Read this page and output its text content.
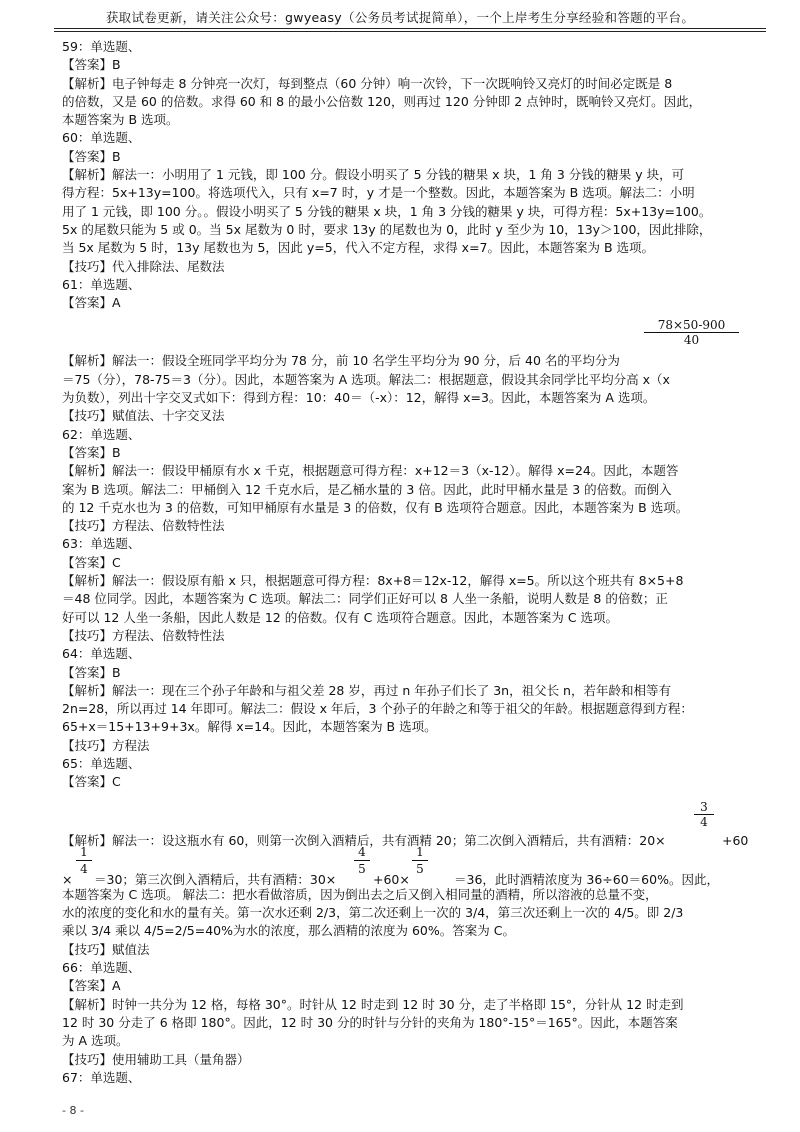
获取试卷更新，请关注公众号：gwyeasy（公务员考试捉简单），一个上岸考生分享经验和答题的平台。
59：单选题、
【答案】B
【解析】电子钟每走 8 分钟亮一次灯，每到整点（60 分钟）响一次铃，下一次既响铃又亮灯的时间必定既是 8
的倍数，又是 60 的倍数。求得 60 和 8 的最小公倍数 120，则再过 120 分钟即 2 点钟时，既响铃又亮灯。因此，
本题答案为 B 选项。
60：单选题、
【答案】B
【解析】解法一：小明用了 1 元钱，即 100 分。假设小明买了 5 分钱的糖果 x 块，1 角 3 分钱的糖果 y 块，可
得方程：5x+13y=100。将选项代入，只有 x=7 时，y 才是一个整数。因此，本题答案为 B 选项。解法二：小明
用了 1 元钱，即 100 分。。假设小明买了 5 分钱的糖果 x 块，1 角 3 分钱的糖果 y 块，可得方程：5x+13y=100。
5x 的尾数只能为 5 或 0。当 5x 尾数为 0 时，要求 13y 的尾数也为 0，此时 y 至少为 10，13y＞100，因此排除，
当 5x 尾数为 5 时，13y 尾数也为 5，因此 y=5，代入不定方程，求得 x=7。因此，本题答案为 B 选项。
【技巧】代入排除法、尾数法
61：单选题、
【答案】A
78×50-900
40
【解析】解法一：假设全班同学平均分为 78 分，前 10 名学生平均分为 90 分，后 40 名的平均分为
＝75（分），78-75＝3（分）。因此，本题答案为 A 选项。解法二：根据题意，假设其余同学比平均分高 x（x
为负数），列出十字交叉式如下：得到方程：10：40＝（-x）：12，解得 x=3。因此，本题答案为 A 选项。
【技巧】赋值法、十字交叉法
62：单选题、
【答案】B
【解析】解法一：假设甲桶原有水 x 千克，根据题意可得方程：x+12＝3（x-12）。解得 x=24。因此，本题答
案为 B 选项。解法二：甲桶倒入 12 千克水后，是乙桶水量的 3 倍。因此，此时甲桶水量是 3 的倍数。而倒入
的 12 千克水也为 3 的倍数，可知甲桶原有水量是 3 的倍数，仅有 B 选项符合题意。因此，本题答案为 B 选项。
【技巧】方程法、倍数特性法
63：单选题、
【答案】C
【解析】解法一：假设原有船 x 只，根据题意可得方程：8x+8＝12x-12，解得 x=5。所以这个班共有 8×5+8
＝48 位同学。因此，本题答案为 C 选项。解法二：同学们正好可以 8 人坐一条船，说明人数是 8 的倍数；正
好可以 12 人坐一条船，因此人数是 12 的倍数。仅有 C 选项符合题意。因此，本题答案为 C 选项。
【技巧】方程法、倍数特性法
64：单选题、
【答案】B
【解析】解法一：现在三个孙子年龄和与祖父差 28 岁，再过 n 年孙子们长了 3n，祖父长 n，若年龄和相等有
2n=28，所以再过 14 年即可。解法二：假设 x 年后，3 个孙子的年龄之和等于祖父的年龄。根据题意得到方程：
65+x＝15+13+9+3x。解得 x=14。因此，本题答案为 B 选项。
【技巧】方程法
65：单选题、
【答案】C
3
4
【解析】解法一：设这瓶水有 60，则第一次倒入酒精后，共有酒精 20；第二次倒入酒精后，共有酒精：20×	+60
×
1
4
＝30；第三次倒入酒精后，共有酒精：30×
4
5
+60×
1
5
＝36，此时酒精浓度为 36÷60＝60%。因此，
本题答案为 C 选项。 解法二：把水看做溶质，因为倒出去之后又倒入相同量的酒精，所以溶液的总量不变，
水的浓度的变化和水的量有关。第一次水还剩 2/3，第二次还剩上一次的 3/4，第三次还剩上一次的 4/5。即 2/3
乘以 3/4 乘以 4/5=2/5=40%为水的浓度，那么酒精的浓度为 60%。答案为 C。
【技巧】赋值法
66：单选题、
【答案】A
【解析】时钟一共分为 12 格，每格 30°。时针从 12 时走到 12 时 30 分，走了半格即 15°，分针从 12 时走到
12 时 30 分走了 6 格即 180°。因此，12 时 30 分的时针与分针的夹角为 180°-15°＝165°。因此，本题答案
为 A 选项。
【技巧】使用辅助工具（量角器）
67：单选题、
- 8 -
